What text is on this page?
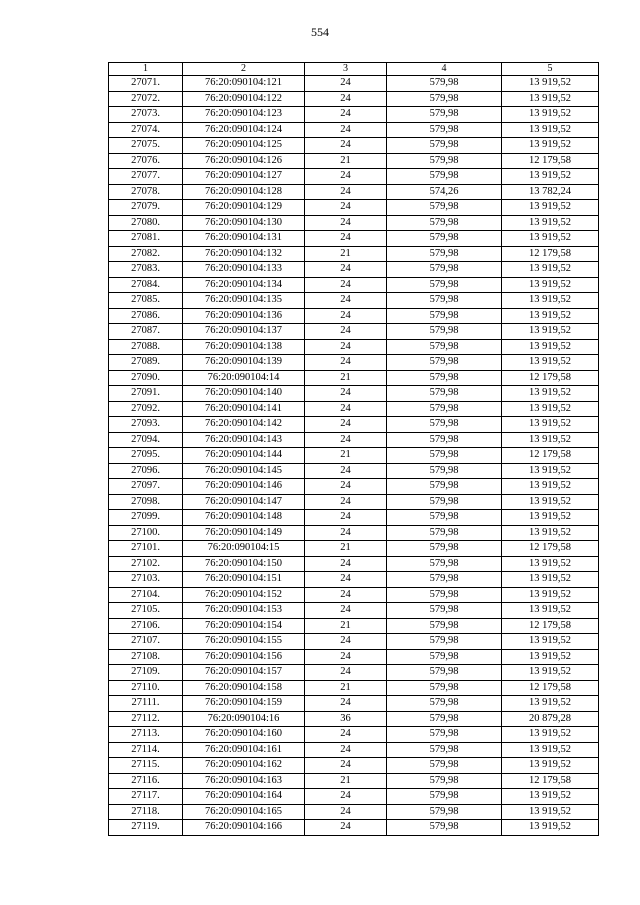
554
1	2	3	4	5
27071.	76:20:090104:121	24	579,98	13 919,52
27072.	76:20:090104:122	24	579,98	13 919,52
27073.	76:20:090104:123	24	579,98	13 919,52
27074.	76:20:090104:124	24	579,98	13 919,52
27075.	76:20:090104:125	24	579,98	13 919,52
27076.	76:20:090104:126	21	579,98	12 179,58
27077.	76:20:090104:127	24	579,98	13 919,52
27078.	76:20:090104:128	24	574,26	13 782,24
27079.	76:20:090104:129	24	579,98	13 919,52
27080.	76:20:090104:130	24	579,98	13 919,52
27081.	76:20:090104:131	24	579,98	13 919,52
27082.	76:20:090104:132	21	579,98	12 179,58
27083.	76:20:090104:133	24	579,98	13 919,52
27084.	76:20:090104:134	24	579,98	13 919,52
27085.	76:20:090104:135	24	579,98	13 919,52
27086.	76:20:090104:136	24	579,98	13 919,52
27087.	76:20:090104:137	24	579,98	13 919,52
27088.	76:20:090104:138	24	579,98	13 919,52
27089.	76:20:090104:139	24	579,98	13 919,52
27090.	76:20:090104:14	21	579,98	12 179,58
27091.	76:20:090104:140	24	579,98	13 919,52
27092.	76:20:090104:141	24	579,98	13 919,52
27093.	76:20:090104:142	24	579,98	13 919,52
27094.	76:20:090104:143	24	579,98	13 919,52
27095.	76:20:090104:144	21	579,98	12 179,58
27096.	76:20:090104:145	24	579,98	13 919,52
27097.	76:20:090104:146	24	579,98	13 919,52
27098.	76:20:090104:147	24	579,98	13 919,52
27099.	76:20:090104:148	24	579,98	13 919,52
27100.	76:20:090104:149	24	579,98	13 919,52
27101.	76:20:090104:15	21	579,98	12 179,58
27102.	76:20:090104:150	24	579,98	13 919,52
27103.	76:20:090104:151	24	579,98	13 919,52
27104.	76:20:090104:152	24	579,98	13 919,52
27105.	76:20:090104:153	24	579,98	13 919,52
27106.	76:20:090104:154	21	579,98	12 179,58
27107.	76:20:090104:155	24	579,98	13 919,52
27108.	76:20:090104:156	24	579,98	13 919,52
27109.	76:20:090104:157	24	579,98	13 919,52
27110.	76:20:090104:158	21	579,98	12 179,58
27111.	76:20:090104:159	24	579,98	13 919,52
27112.	76:20:090104:16	36	579,98	20 879,28
27113.	76:20:090104:160	24	579,98	13 919,52
27114.	76:20:090104:161	24	579,98	13 919,52
27115.	76:20:090104:162	24	579,98	13 919,52
27116.	76:20:090104:163	21	579,98	12 179,58
27117.	76:20:090104:164	24	579,98	13 919,52
27118.	76:20:090104:165	24	579,98	13 919,52
27119.	76:20:090104:166	24	579,98	13 919,52
